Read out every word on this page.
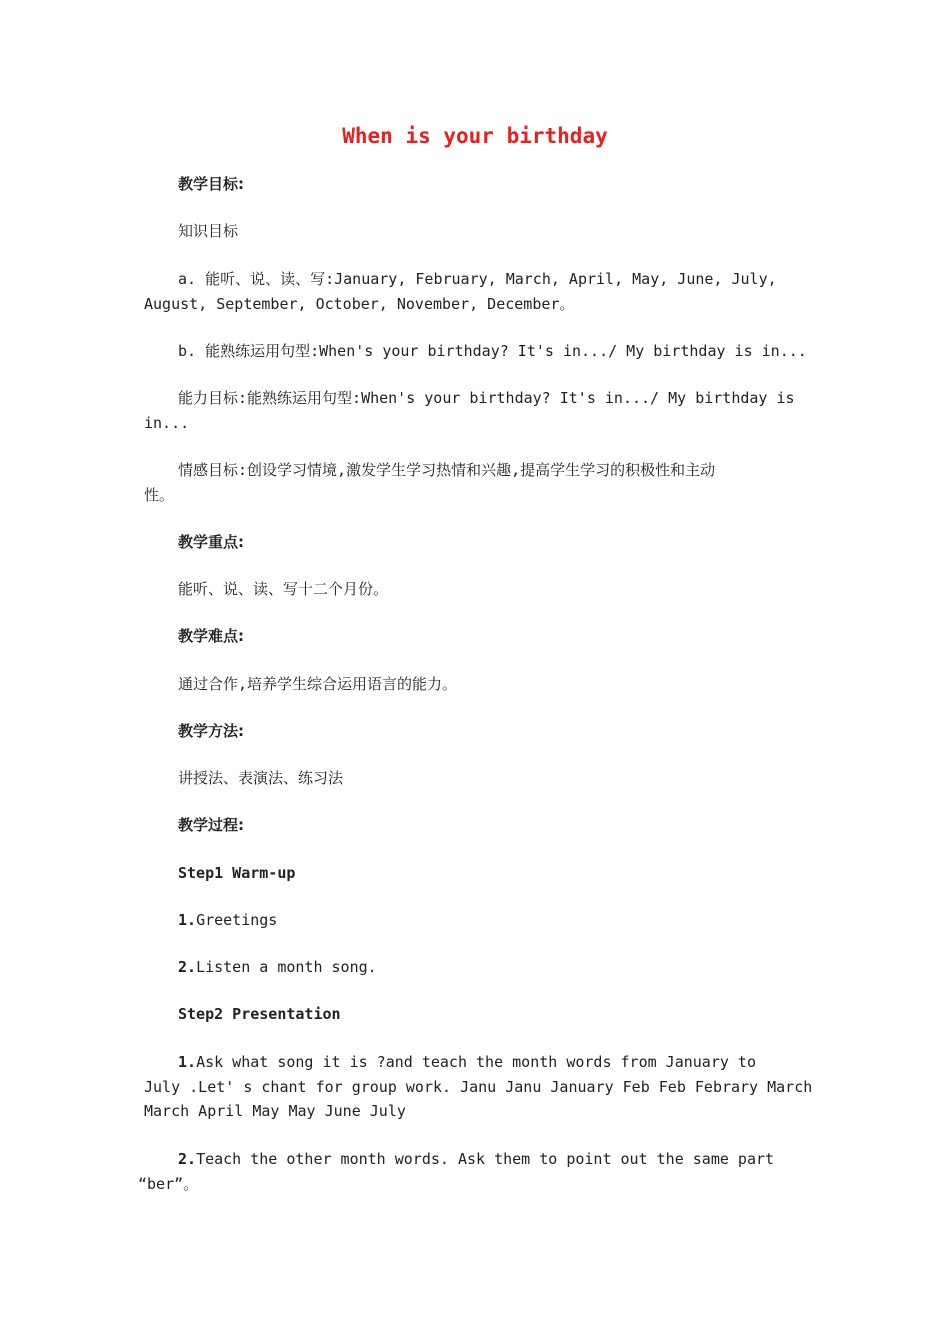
When is your birthday
教学目标:
知识目标
a. 能听、说、读、写:January, February, March, April, May, June, July,
August, September, October, November, December。
b. 能熟练运用句型:When's your birthday? It's in.../ My birthday is in...
能力目标:能熟练运用句型:When's your birthday? It's in.../ My birthday is
in...
情感目标:创设学习情境,激发学生学习热情和兴趣,提高学生学习的积极性和主动
性。
教学重点:
能听、说、读、写十二个月份。
教学难点:
通过合作,培养学生综合运用语言的能力。
教学方法:
讲授法、表演法、练习法
教学过程:
Step1 Warm-up
1.Greetings
2.Listen a month song.
Step2 Presentation
1.Ask what song it is ?and teach the month words from January to
July .Let' s chant for group work. Janu Janu January Feb Feb Febrary March
March April May May June July
2.Teach the other month words. Ask them to point out the same part
“ber”。
